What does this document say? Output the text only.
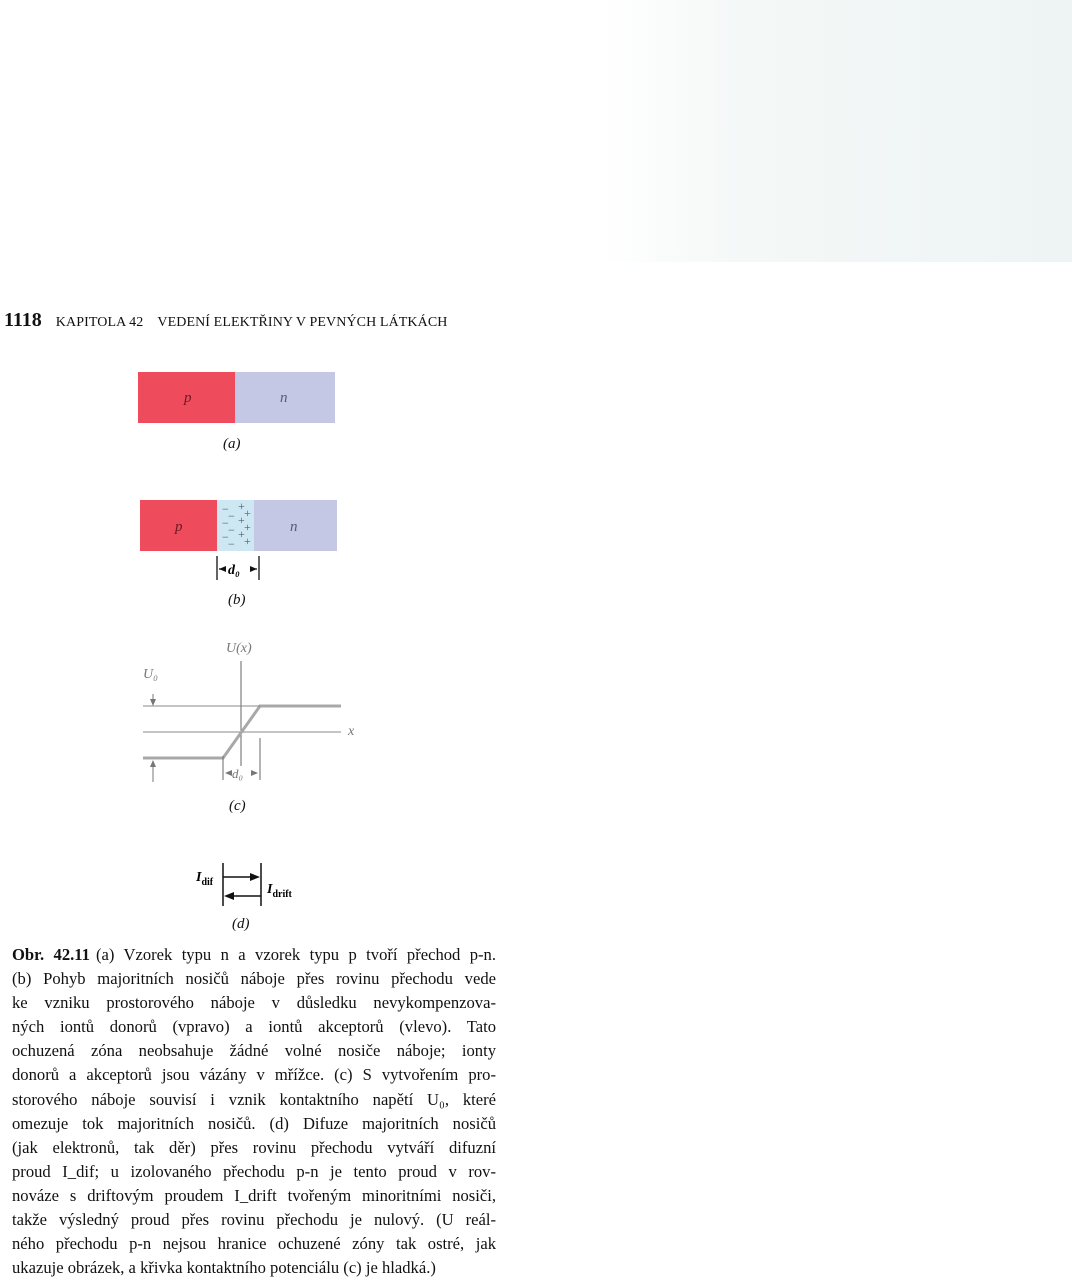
1118 KAPITOLA 42 VEDENÍ ELEKTŘINY V PEVNÝCH LÁTKÁCH
p	n
(a)
−
−
−
−
−
−
+
+
+
+
+
+
p	n
d₀
(b)
U(x)
U₀
x
d₀
(c)
$I_{dif}$	$I_{drift}$
(d)
Obr. 42.11 (a) Vzorek typu n a vzorek typu p tvoří přechod p-n.
(b) Pohyb majoritních nosičů náboje přes rovinu přechodu vede
ke vzniku prostorového náboje v důsledku nevykompenzova-
ných iontů donorů (vpravo) a iontů akceptorů (vlevo). Tato
ochuzená zóna neobsahuje žádné volné nosiče náboje; ionty
donorů a akceptorů jsou vázány v mřížce. (c) S vytvořením pro-
storového náboje souvisí i vznik kontaktního napětí U₀, které
omezuje tok majoritních nosičů. (d) Difuze majoritních nosičů
(jak elektronů, tak děr) přes rovinu přechodu vytváří difuzní
proud I_dif; u izolovaného přechodu p-n je tento proud v rov-
nováze s driftovým proudem I_drift tvořeným minoritními nosiči,
takže výsledný proud přes rovinu přechodu je nulový. (U reál-
ného přechodu p-n nejsou hranice ochuzené zóny tak ostré, jak
ukazuje obrázek, a křivka kontaktního potenciálu (c) je hladká.)
